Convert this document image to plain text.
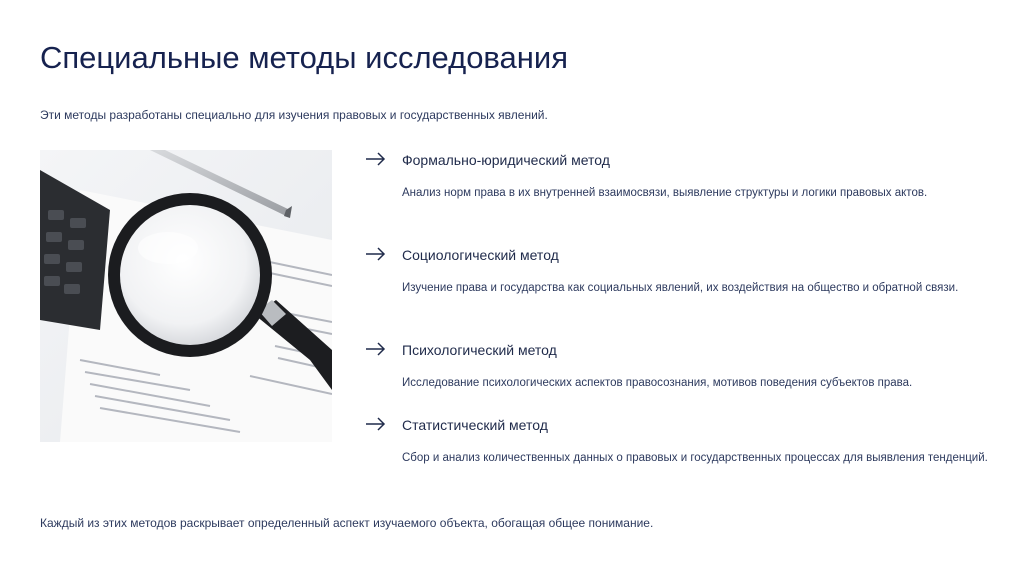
Специальные методы исследования
Эти методы разработаны специально для изучения правовых и государственных явлений.
Формально-юридический метод
Анализ норм права в их внутренней взаимосвязи, выявление структуры и логики правовых актов.
Социологический метод
Изучение права и государства как социальных явлений, их воздействия на общество и обратной связи.
Психологический метод
Исследование психологических аспектов правосознания, мотивов поведения субъектов права.
Статистический метод
Сбор и анализ количественных данных о правовых и государственных процессах для выявления тенденций.
Каждый из этих методов раскрывает определенный аспект изучаемого объекта, обогащая общее понимание.
